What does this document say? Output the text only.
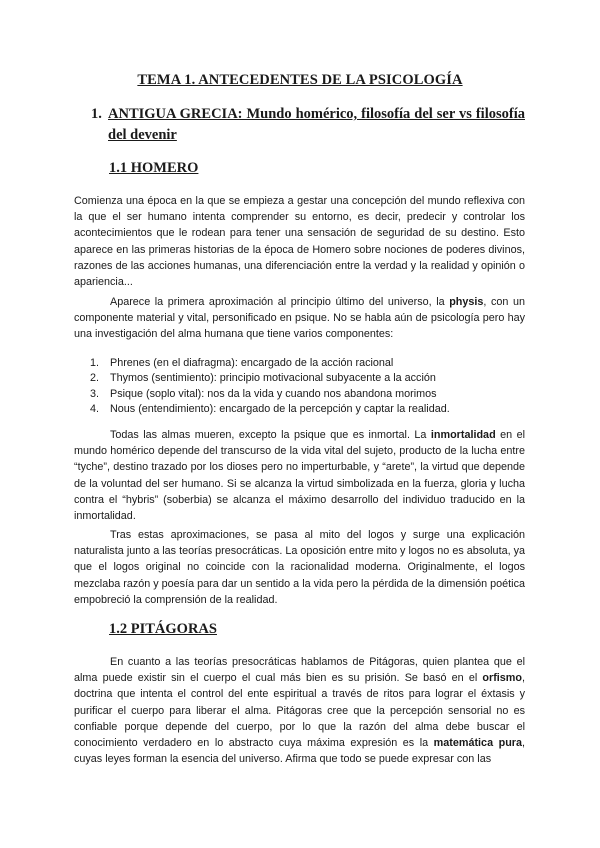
TEMA 1. ANTECEDENTES DE LA PSICOLOGÍA
1. ANTIGUA GRECIA: Mundo homérico, filosofía del ser vs filosofía del devenir
1.1 HOMERO

Comienza una época en la que se empieza a gestar una concepción del mundo reflexiva con la que el ser humano intenta comprender su entorno, es decir, predecir y controlar los acontecimientos que le rodean para tener una sensación de seguridad de su destino. Esto aparece en las primeras historias de la época de Homero sobre nociones de poderes divinos, razones de las acciones humanas, una diferenciación entre la verdad y la realidad y opinión o apariencia...

Aparece la primera aproximación al principio último del universo, la physis, con un componente material y vital, personificado en psique. No se habla aún de psicología pero hay una investigación del alma humana que tiene varios componentes:

1. Phrenes (en el diafragma): encargado de la acción racional
2. Thymos (sentimiento): principio motivacional subyacente a la acción
3. Psique (soplo vital): nos da la vida y cuando nos abandona morimos
4. Nous (entendimiento): encargado de la percepción y captar la realidad.

Todas las almas mueren, excepto la psique que es inmortal. La inmortalidad en el mundo homérico depende del transcurso de la vida vital del sujeto, producto de la lucha entre “tyche”, destino trazado por los dioses pero no imperturbable, y “arete”, la virtud que depende de la voluntad del ser humano. Si se alcanza la virtud simbolizada en la fuerza, gloria y lucha contra el “hybris” (soberbia) se alcanza el máximo desarrollo del individuo traducido en la inmortalidad.

Tras estas aproximaciones, se pasa al mito del logos y surge una explicación naturalista junto a las teorías presocráticas. La oposición entre mito y logos no es absoluta, ya que el logos original no coincide con la racionalidad moderna. Originalmente, el logos mezclaba razón y poesía para dar un sentido a la vida pero la pérdida de la dimensión poética empobreció la comprensión de la realidad.

1.2 PITÁGORAS

En cuanto a las teorías presocráticas hablamos de Pitágoras, quien plantea que el alma puede existir sin el cuerpo el cual más bien es su prisión. Se basó en el orfismo, doctrina que intenta el control del ente espiritual a través de ritos para lograr el éxtasis y purificar el cuerpo para liberar el alma. Pitágoras cree que la percepción sensorial no es confiable porque depende del cuerpo, por lo que la razón del alma debe buscar el conocimiento verdadero en lo abstracto cuya máxima expresión es la matemática pura, cuyas leyes forman la esencia del universo. Afirma que todo se puede expresar con las
